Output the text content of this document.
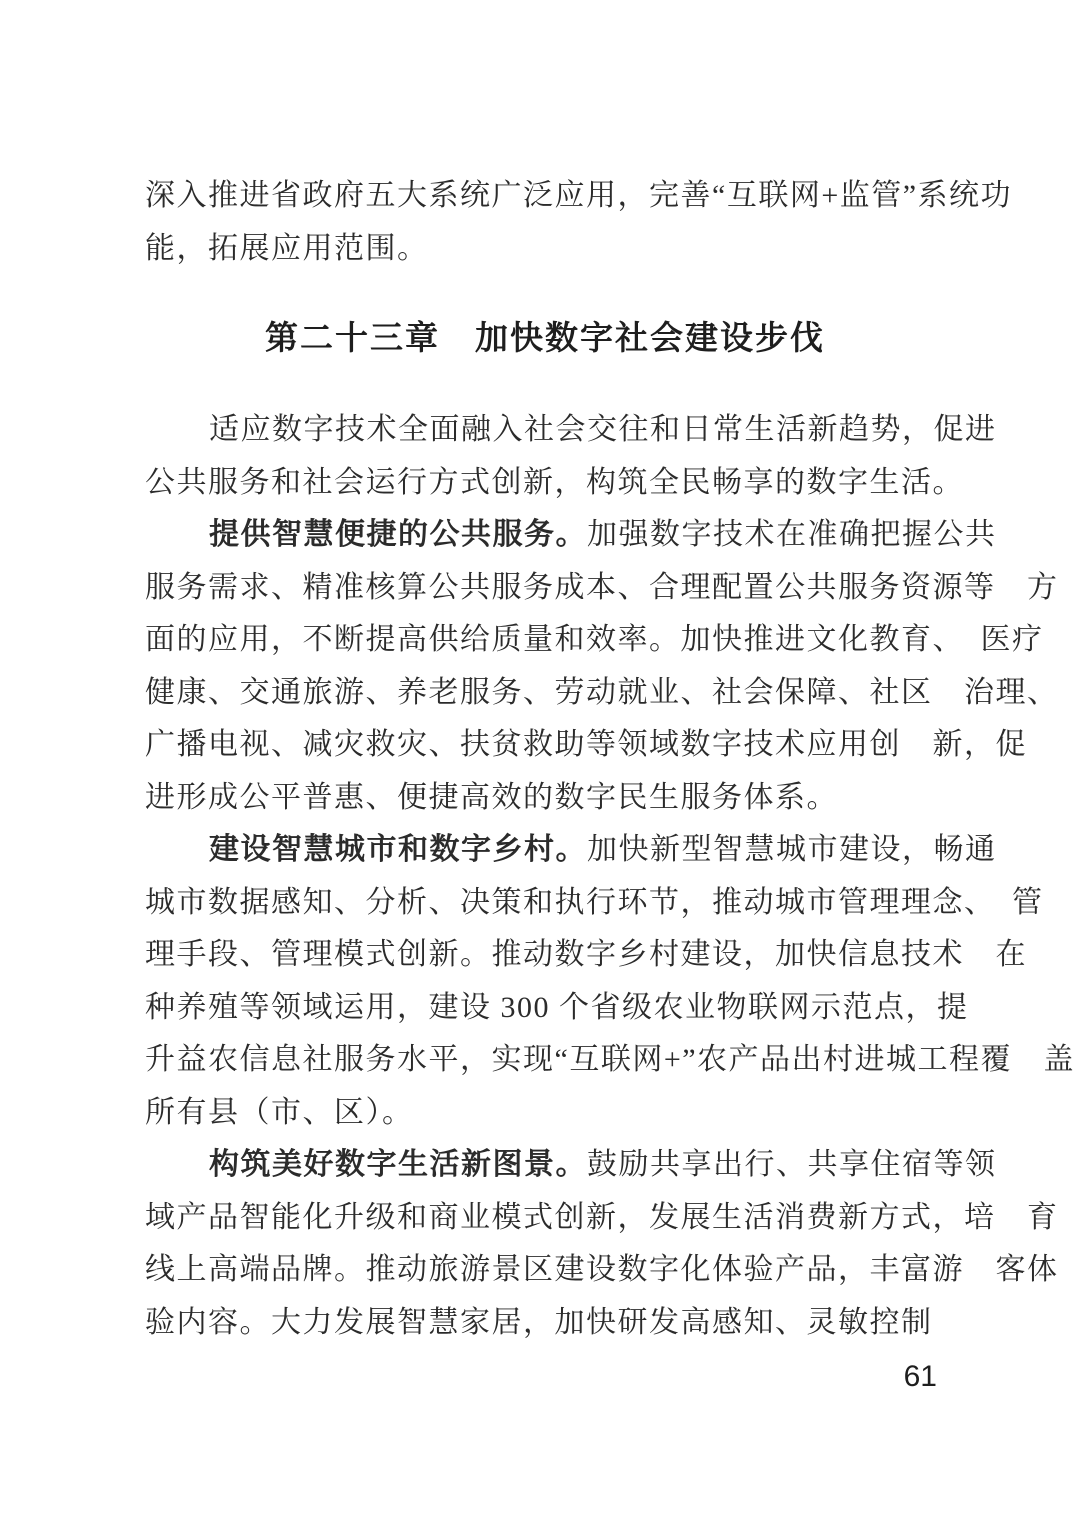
深入推进省政府五大系统广泛应用，完善“互联网+监管”系统功
能，拓展应用范围。
第二十三章　加快数字社会建设步伐
适应数字技术全面融入社会交往和日常生活新趋势，促进
公共服务和社会运行方式创新，构筑全民畅享的数字生活。
提供智慧便捷的公共服务。加强数字技术在准确把握公共
服务需求、精准核算公共服务成本、合理配置公共服务资源等　方
面的应用，不断提高供给质量和效率。加快推进文化教育、　医疗
健康、交通旅游、养老服务、劳动就业、社会保障、社区　治理、
广播电视、减灾救灾、扶贫救助等领域数字技术应用创　新，促
进形成公平普惠、便捷高效的数字民生服务体系。
建设智慧城市和数字乡村。加快新型智慧城市建设，畅通
城市数据感知、分析、决策和执行环节，推动城市管理理念、　管
理手段、管理模式创新。推动数字乡村建设，加快信息技术　在
种养殖等领域运用，建设 300 个省级农业物联网示范点，提
升益农信息社服务水平，实现“互联网+”农产品出村进城工程覆　盖
所有县（市、区）。
构筑美好数字生活新图景。鼓励共享出行、共享住宿等领
域产品智能化升级和商业模式创新，发展生活消费新方式，培　育
线上高端品牌。推动旅游景区建设数字化体验产品，丰富游　客体
验内容。大力发展智慧家居，加快研发高感知、灵敏控制
61
